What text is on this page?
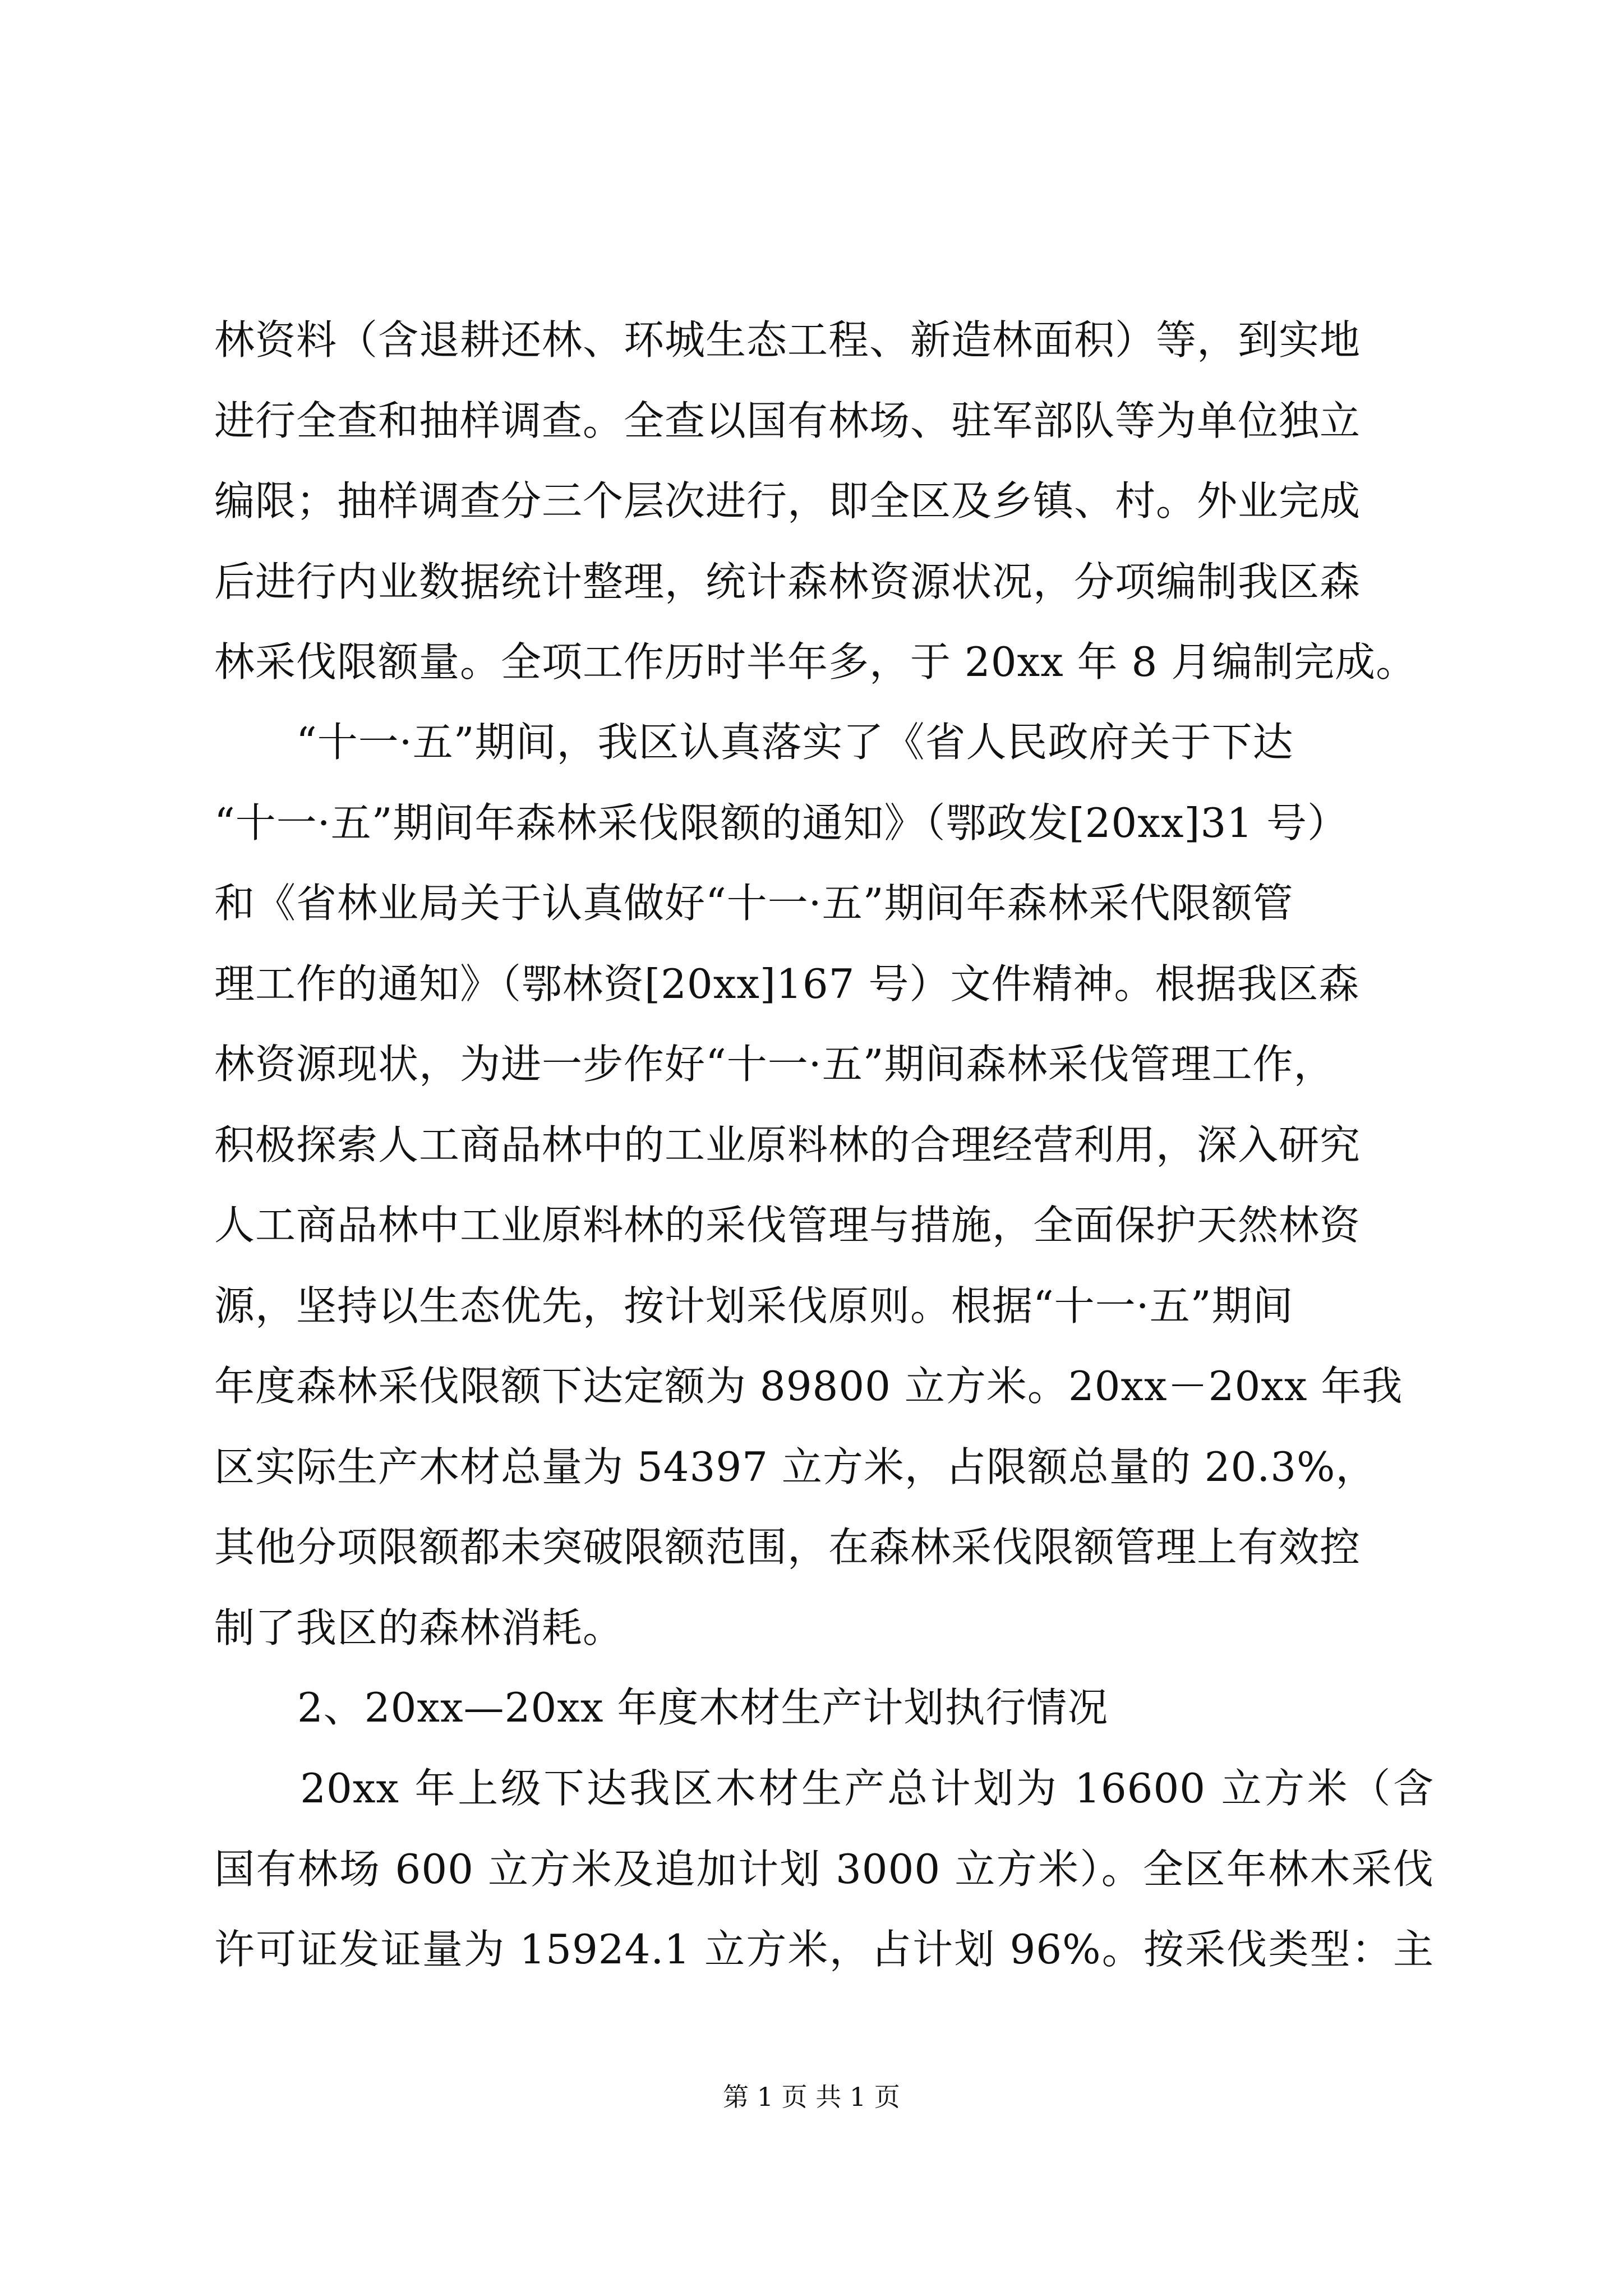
林资料（含退耕还林、环城生态工程、新造林面积）等，到实地
进行全查和抽样调查。全查以国有林场、驻军部队等为单位独立
编限；抽样调查分三个层次进行，即全区及乡镇、村。外业完成
后进行内业数据统计整理，统计森林资源状况，分项编制我区森
林采伐限额量。全项工作历时半年多，于 20xx 年 8 月编制完成。
　　“十一·五”期间，我区认真落实了《省人民政府关于下达
“十一·五”期间年森林采伐限额的通知》（鄂政发[20xx]31 号）
和《省林业局关于认真做好“十一·五”期间年森林采代限额管
理工作的通知》（鄂林资[20xx]167 号）文件精神。根据我区森
林资源现状，为进一步作好“十一·五”期间森林采伐管理工作，
积极探索人工商品林中的工业原料林的合理经营利用，深入研究
人工商品林中工业原料林的采伐管理与措施，全面保护天然林资
源，坚持以生态优先，按计划采伐原则。根据“十一·五”期间
年度森林采伐限额下达定额为 89800 立方米。20xx－20xx 年我
区实际生产木材总量为 54397 立方米，占限额总量的 20.3%，
其他分项限额都未突破限额范围，在森林采伐限额管理上有效控
制了我区的森林消耗。
2、20xx—20xx 年度木材生产计划执行情况
　　20xx 年上级下达我区木材生产总计划为 16600 立方米（含
国有林场 600 立方米及追加计划 3000 立方米）。全区年林木采伐
许可证发证量为 15924.1 立方米，占计划 96%。按采伐类型：主
第 1 页 共 1 页
